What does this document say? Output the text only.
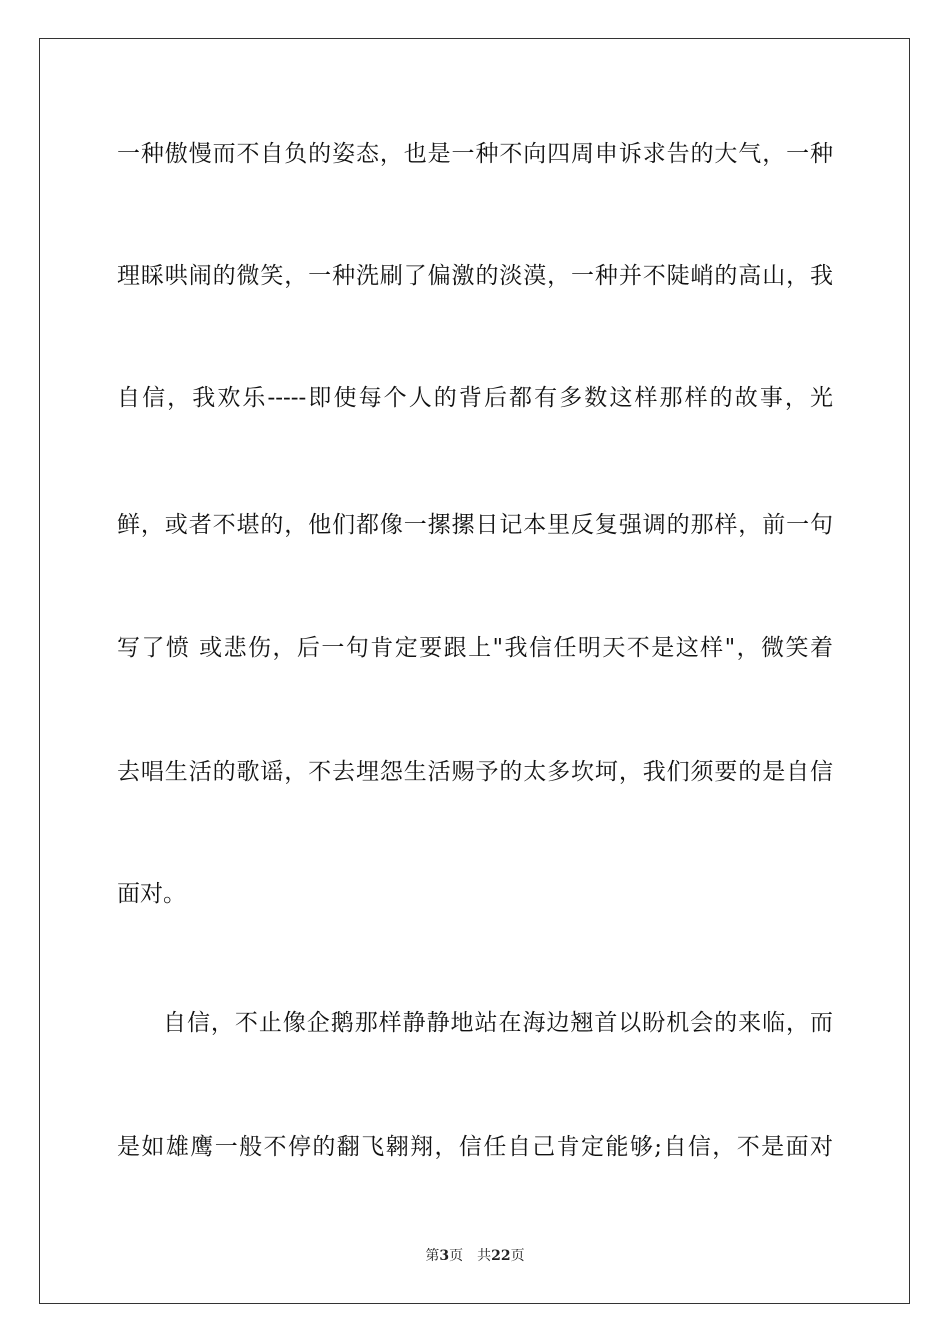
一种傲慢而不自负的姿态，也是一种不向四周申诉求告的大气，一种
理睬哄闹的微笑，一种洗刷了偏激的淡漠，一种并不陡峭的高山，我
自信，我欢乐-----即使每个人的背后都有多数这样那样的故事，光
鲜，或者不堪的，他们都像一摞摞日记本里反复强调的那样，前一句
写了愤 或悲伤，后一句肯定要跟上"我信任明天不是这样"，微笑着
去唱生活的歌谣，不去埋怨生活赐予的太多坎坷，我们须要的是自信
面对。
自信，不止像企鹅那样静静地站在海边翘首以盼机会的来临，而
是如雄鹰一般不停的翻飞翱翔，信任自己肯定能够;自信，不是面对
第3页 共22页
